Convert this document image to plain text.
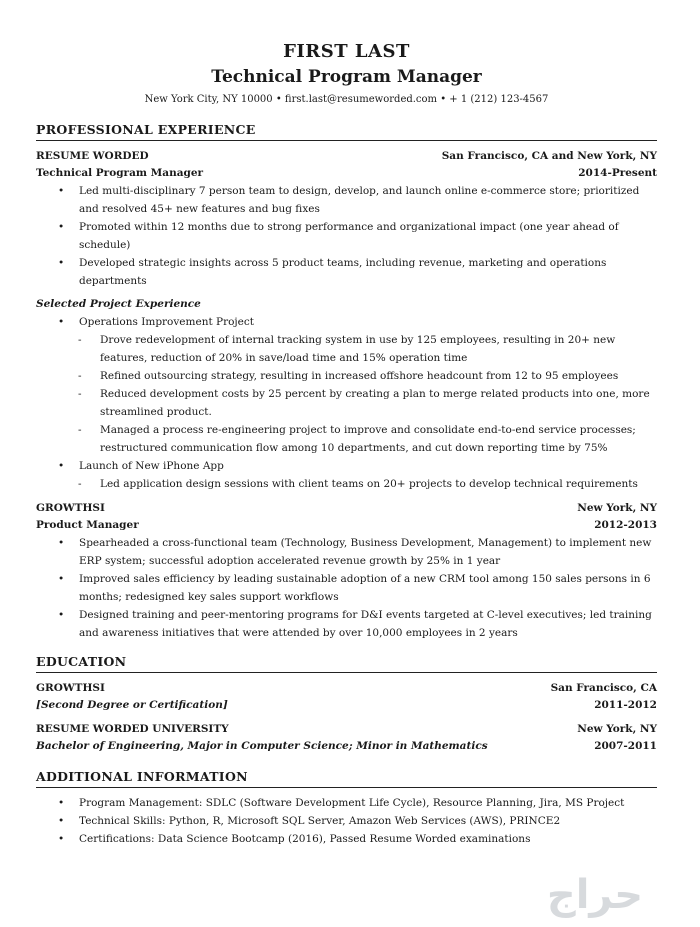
FIRST LAST
Technical Program Manager
New York City, NY 10000 • first.last@resumeworded.com • + 1 (212) 123-4567
PROFESSIONAL EXPERIENCE
RESUME WORDED	San Francisco, CA and New York, NY
Technical Program Manager	2014-Present
• Led multi-disciplinary 7 person team to design, develop, and launch online e-commerce store; prioritized and resolved 45+ new features and bug fixes
• Promoted within 12 months due to strong performance and organizational impact (one year ahead of schedule)
• Developed strategic insights across 5 product teams, including revenue, marketing and operations departments
Selected Project Experience
• Operations Improvement Project
- Drove redevelopment of internal tracking system in use by 125 employees, resulting in 20+ new features, reduction of 20% in save/load time and 15% operation time
- Refined outsourcing strategy, resulting in increased offshore headcount from 12 to 95 employees
- Reduced development costs by 25 percent by creating a plan to merge related products into one, more streamlined product.
- Managed a process re-engineering project to improve and consolidate end-to-end service processes; restructured communication flow among 10 departments, and cut down reporting time by 75%
• Launch of New iPhone App
- Led application design sessions with client teams on 20+ projects to develop technical requirements
GROWTHSI	New York, NY
Product Manager	2012-2013
• Spearheaded a cross-functional team (Technology, Business Development, Management) to implement new ERP system; successful adoption accelerated revenue growth by 25% in 1 year
• Improved sales efficiency by leading sustainable adoption of a new CRM tool among 150 sales persons in 6 months; redesigned key sales support workflows
• Designed training and peer-mentoring programs for D&I events targeted at C-level executives; led training and awareness initiatives that were attended by over 10,000 employees in 2 years
EDUCATION
GROWTHSI	San Francisco, CA
[Second Degree or Certification]	2011-2012
RESUME WORDED UNIVERSITY	New York, NY
Bachelor of Engineering, Major in Computer Science; Minor in Mathematics	2007-2011
ADDITIONAL INFORMATION
• Program Management: SDLC (Software Development Life Cycle), Resource Planning, Jira, MS Project
• Technical Skills: Python, R, Microsoft SQL Server, Amazon Web Services (AWS), PRINCE2
• Certifications: Data Science Bootcamp (2016), Passed Resume Worded examinations
حراج
